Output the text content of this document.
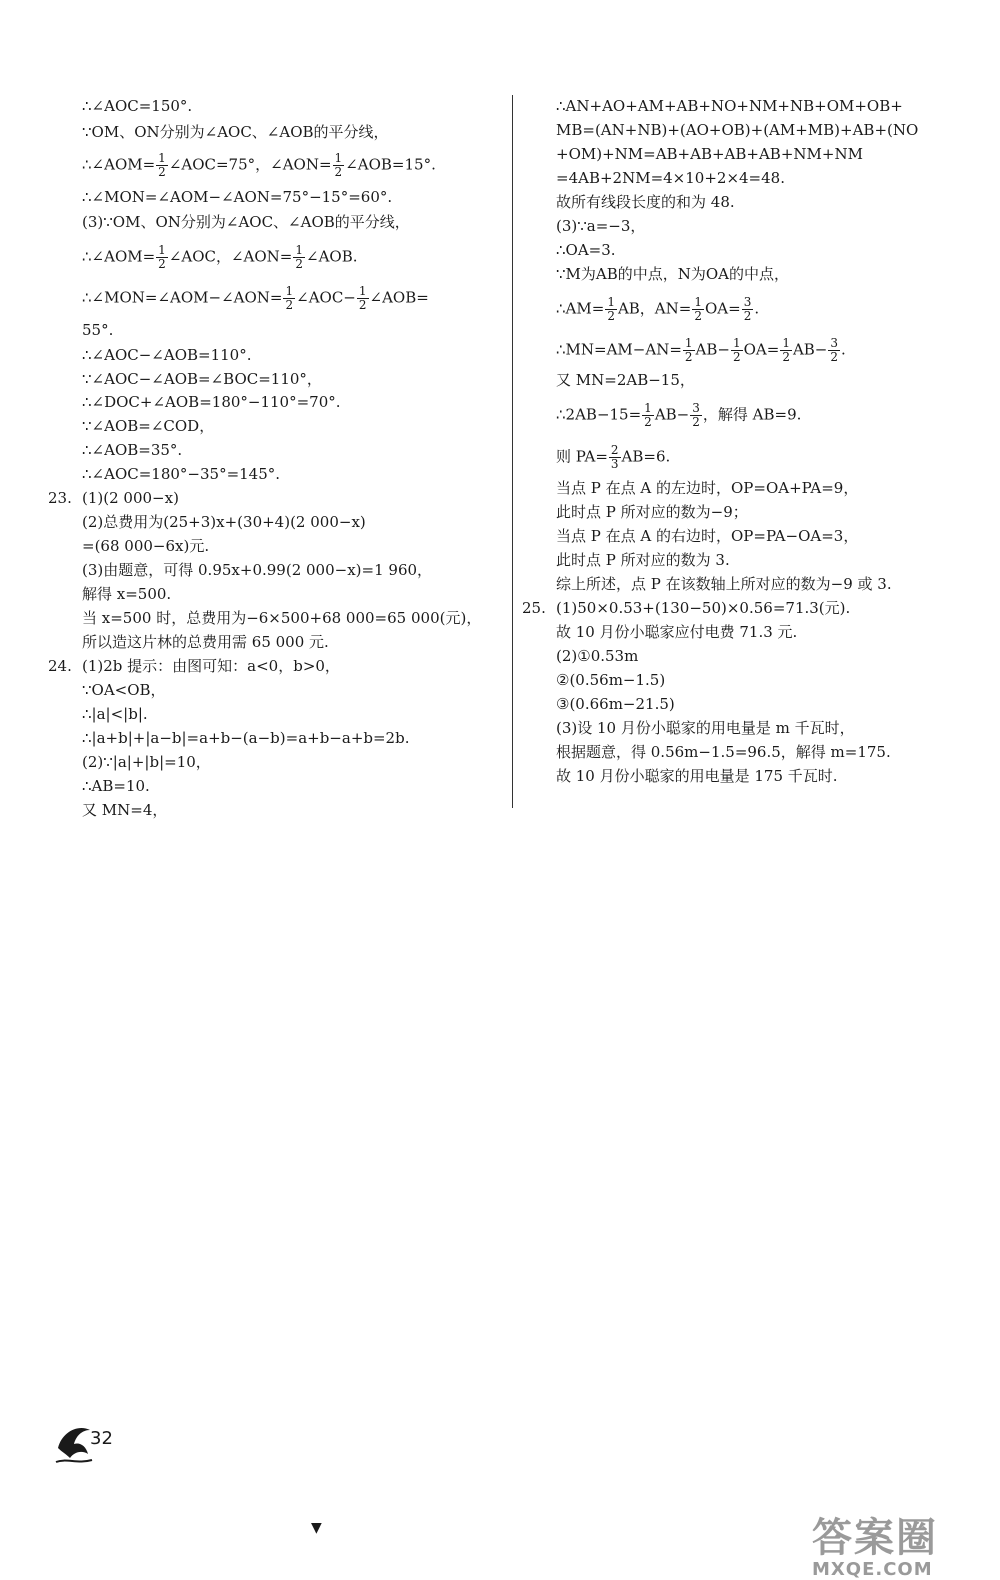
∴∠AOC=150°.
∵OM、ON分别为∠AOC、∠AOB的平分线，
∴∠AOM= $\frac{1}{2}$ ∠AOC=75°，∠AON= $\frac{1}{2}$ ∠AOB=15°.
∴∠MON=∠AOM−∠AON=75°−15°=60°.
(3)∵OM、ON分别为∠AOC、∠AOB的平分线，
∴∠AOM= $\frac{1}{2}$ ∠AOC，∠AON= $\frac{1}{2}$ ∠AOB.
∴∠MON=∠AOM−∠AON= $\frac{1}{2}$ ∠AOC− $\frac{1}{2}$ ∠AOB=
55°.
∴∠AOC−∠AOB=110°.
∵∠AOC−∠AOB=∠BOC=110°，
∴∠DOC+∠AOB=180°−110°=70°.
∵∠AOB=∠COD，
∴∠AOB=35°.
∴∠AOC=180°−35°=145°.
23. (1)(2 000−x)
(2)总费用为(25+3)x+(30+4)(2 000−x)
=(68 000−6x)元.
(3)由题意，可得 0.95x+0.99(2 000−x)=1 960，
解得 x=500.
当 x=500 时，总费用为−6×500+68 000=65 000(元)，
所以造这片林的总费用需 65 000 元.
24. (1)2b 提示：由图可知：a<0，b>0，
∵OA<OB，
∴|a|<|b|.
∴|a+b|+|a−b|=a+b−(a−b)=a+b−a+b=2b.
(2)∵|a|+|b|=10，
∴AB=10.
又 MN=4，
∴AN+AO+AM+AB+NO+NM+NB+OM+OB+
MB=(AN+NB)+(AO+OB)+(AM+MB)+AB+(NO
+OM)+NM=AB+AB+AB+AB+NM+NM
=4AB+2NM=4×10+2×4=48.
故所有线段长度的和为 48.
(3)∵a=−3，
∴OA=3.
∵M为AB的中点，N为OA的中点，
∴AM= $\frac{1}{2}$ AB，$AN= \frac{1}{2} OA= \frac{3}{2}$ .
∴MN=AM−AN= $\frac{1}{2} AB- \frac{1}{2} OA= \frac{1}{2} AB- \frac{3}{2}$ .
又 MN=2AB−15，
∴2AB−15= $\frac{1}{2} AB- \frac{3}{2}$ ，解得 AB=9.
则 $PA= \frac{2}{3} AB=6$.
当点 P 在点 A 的左边时，OP=OA+PA=9，
此时点 P 所对应的数为−9；
当点 P 在点 A 的右边时，OP=PA−OA=3，
此时点 P 所对应的数为 3.
综上所述，点 P 在该数轴上所对应的数为−9 或 3.
25. (1)50×0.53+(130−50)×0.56=71.3(元).
故 10 月份小聪家应付电费 71.3 元.
(2)①0.53m
②(0.56m−1.5)
③(0.66m−21.5)
(3)设 10 月份小聪家的用电量是 m 千瓦时，
根据题意，得 0.56m−1.5=96.5，解得 m=175.
故 10 月份小聪家的用电量是 175 千瓦时.
32
▼	答案圈
MXQE.COM
